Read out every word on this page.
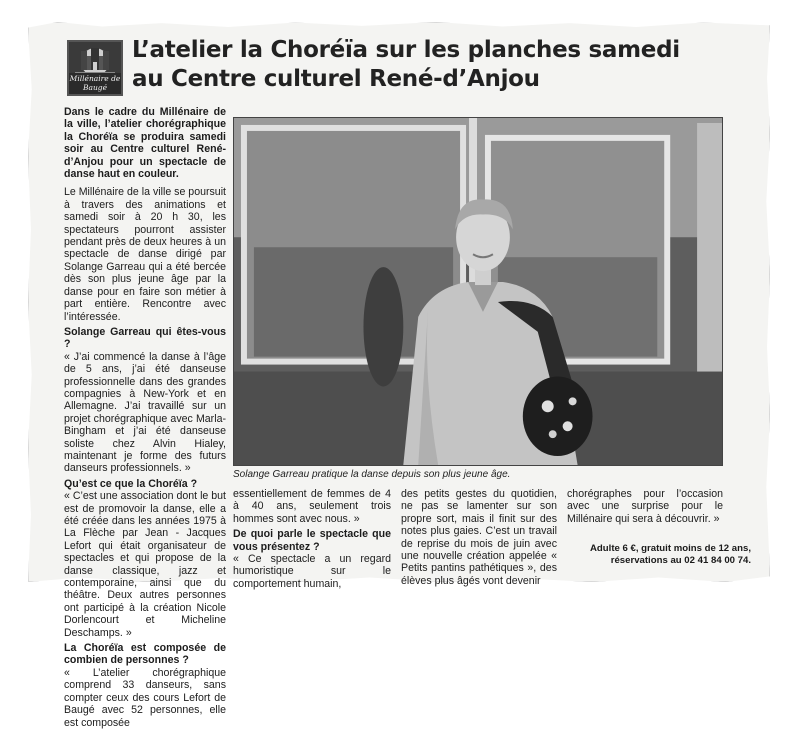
Millénaire de Baugé
L’atelier la Choréïa sur les planches samedi
au Centre culturel René-d’Anjou

Dans le cadre du Millénaire de la ville, l’atelier chorégraphique la Choréïa se produira samedi soir au Centre culturel René-d’Anjou pour un spectacle de danse haut en couleur.

Le Millénaire de la ville se poursuit à travers des animations et samedi soir à 20 h 30, les spectateurs pourront assister pendant près de deux heures à un spectacle de danse dirigé par Solange Garreau qui a été bercée dès son plus jeune âge par la danse pour en faire son métier à part entière. Rencontre avec l’intéressée.

Solange Garreau qui êtes-vous ?

« J’ai commencé la danse à l’âge de 5 ans, j’ai été danseuse professionnelle dans des grandes compagnies à New-York et en Allemagne. J’ai travaillé sur un projet chorégraphique avec Marla-Bingham et j’ai été danseuse soliste chez Alvin Hialey, maintenant je forme des futurs danseurs professionnels. »

Qu’est ce que la Choréïa ?

« C’est une association dont le but est de promovoir la danse, elle a été créée dans les années 1975 à La Flèche par Jean - Jacques Lefort qui était organisateur de spectacles et qui propose de la danse classique, jazz et contemporaine, ainsi que du théâtre. Deux autres personnes ont participé à la création Nicole Dorlencourt et Micheline Deschamps. »

La Choréïa est composée de combien de personnes ?

« L’atelier chorégraphique comprend 33 danseurs, sans compter ceux des cours Lefort de Baugé avec 52 personnes, elle est composée

Solange Garreau pratique la danse depuis son plus jeune âge.

essentiellement de femmes de 4 à 40 ans, seulement trois hommes sont avec nous. »

De quoi parle le spectacle que vous présentez ?

« Ce spectacle a un regard humoristique sur le comportement humain,

des petits gestes du quotidien, ne pas se lamenter sur son propre sort, mais il finit sur des notes plus gaies. C’est un travail de reprise du mois de juin avec une nouvelle création appelée « Petits pantins pathétiques », des élèves plus âgés vont devenir

chorégraphes pour l’occasion avec une surprise pour le Millénaire qui sera à découvrir. »

Adulte 6 €, gratuit moins de 12 ans,
réservations au 02 41 84 00 74.
